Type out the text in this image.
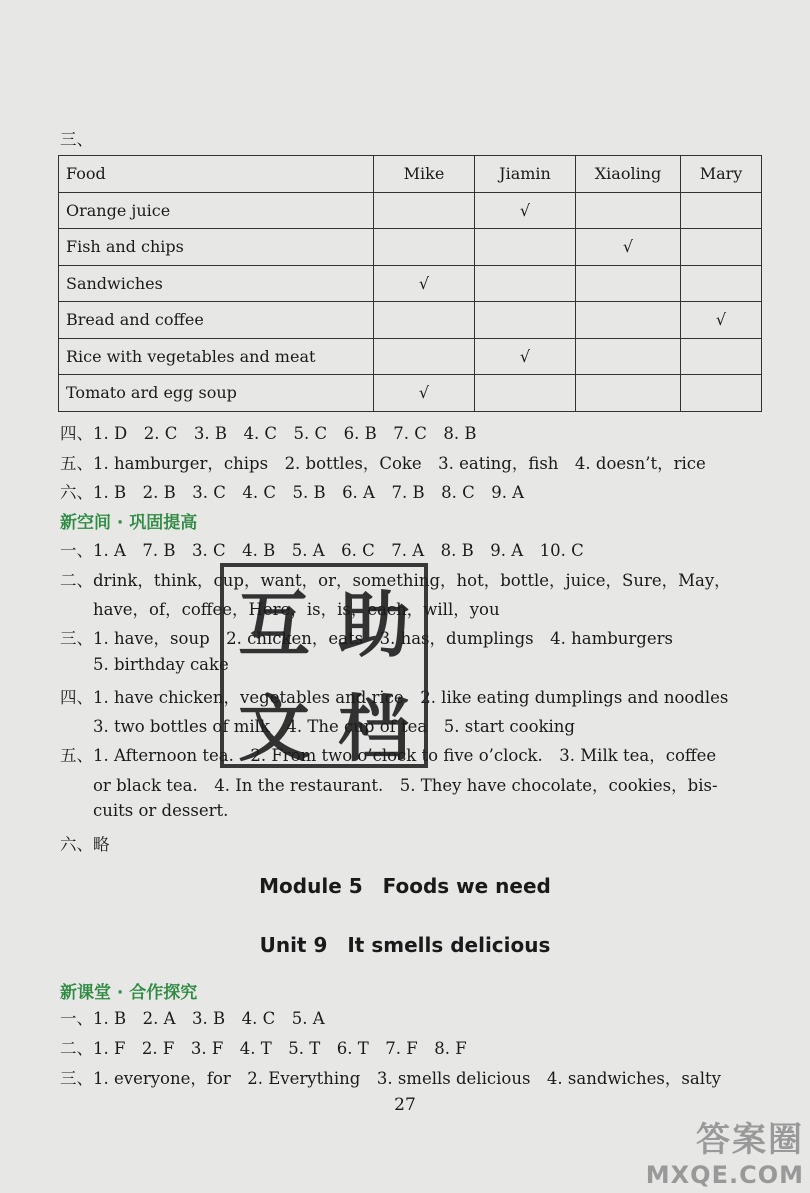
三、
Food	Mike	Jiamin	Xiaoling	Mary
Orange juice		√		
Fish and chips			√	
Sandwiches	√			
Bread and coffee				√
Rice with vegetables and meat		√		
Tomato ard egg soup	√			
四、1. D　2. C　3. B　4. C　5. C　6. B　7. C　8. B
五、1. hamburger，chips　2. bottles，Coke　3. eating，fish　4. doesn’t，rice
六、1. B　2. B　3. C　4. C　5. B　6. A　7. B　8. C　9. A
新空间 · 巩固提高
一、1. A　7. B　3. C　4. B　5. A　6. C　7. A　8. B　9. A　10. C
二、drink，think，cup，want，or，something，hot，bottle，juice，Sure，May，
have，of，coffee，Here，is，is，each，will，you
三、1. have，soup　2. chicken，eats　3. has，dumplings　4. hamburgers
5. birthday cake
四、1. have chicken，vegetables and rice　2. like eating dumplings and noodles
3. two bottles of milk　4. The cup of tea　5. start cooking
五、1. Afternoon tea.　2. From two o’clock to five o’clock.　3. Milk tea，coffee
or black tea.　4. In the restaurant.　5. They have chocolate，cookies，bis-
cuits or dessert.
六、略
Module 5　Foods we need
Unit 9　It smells delicious
新课堂 · 合作探究
一、1. B　2. A　3. B　4. C　5. A
二、1. F　2. F　3. F　4. T　5. T　6. T　7. F　8. F
三、1. everyone，for　2. Everything　3. smells delicious　4. sandwiches，salty
27
互 助
文 档
答案圈
MXQE.COM
